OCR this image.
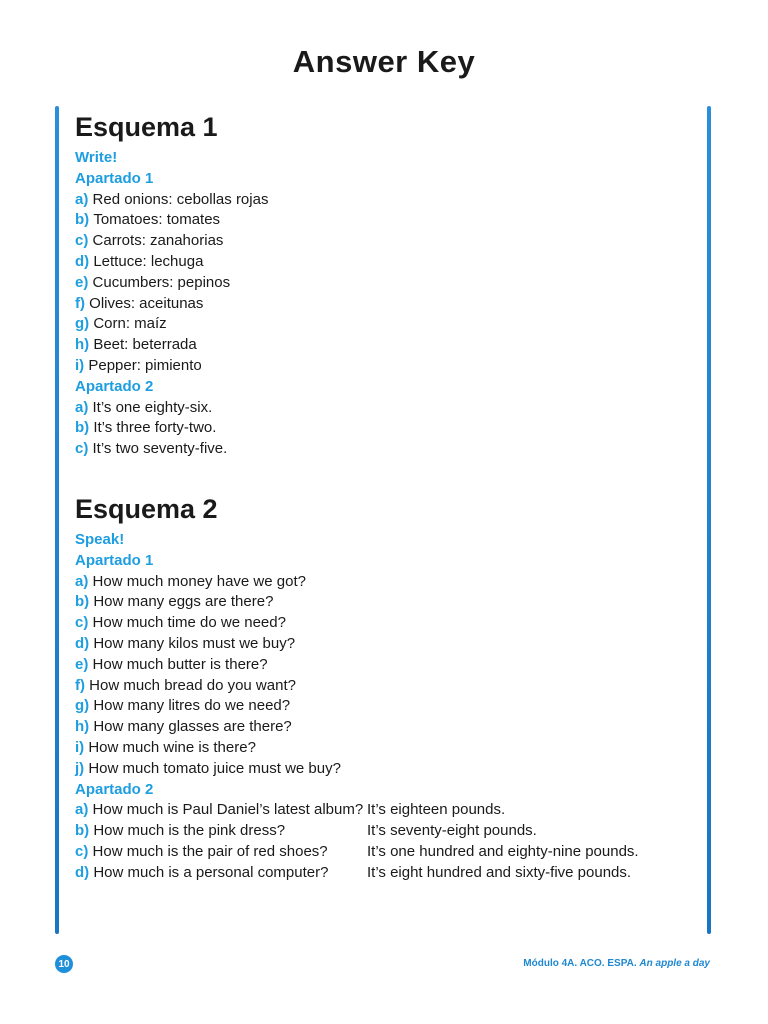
Answer Key
Esquema 1
Write!
Apartado 1
a) Red onions: cebollas rojas
b) Tomatoes: tomates
c) Carrots: zanahorias
d) Lettuce: lechuga
e) Cucumbers: pepinos
f) Olives: aceitunas
g) Corn: maíz
h) Beet: beterrada
i) Pepper: pimiento
Apartado 2
a) It’s one eighty-six.
b) It’s three forty-two.
c) It’s two seventy-five.
Esquema 2
Speak!
Apartado 1
a) How much money have we got?
b) How many eggs are there?
c) How much time do we need?
d) How many kilos must we buy?
e) How much butter is there?
f) How much bread do you want?
g) How many litres do we need?
h) How many glasses are there?
i) How much wine is there?
j) How much tomato juice must we buy?
Apartado 2
a) How much is Paul Daniel’s latest album? It’s eighteen pounds.
b) How much is the pink dress?	It’s seventy-eight pounds.
c) How much is the pair of red shoes?	It’s one hundred and eighty-nine pounds.
d) How much is a personal computer?	It’s eight hundred and sixty-five pounds.
10	Módulo 4A. ACO. ESPA. An apple a day
